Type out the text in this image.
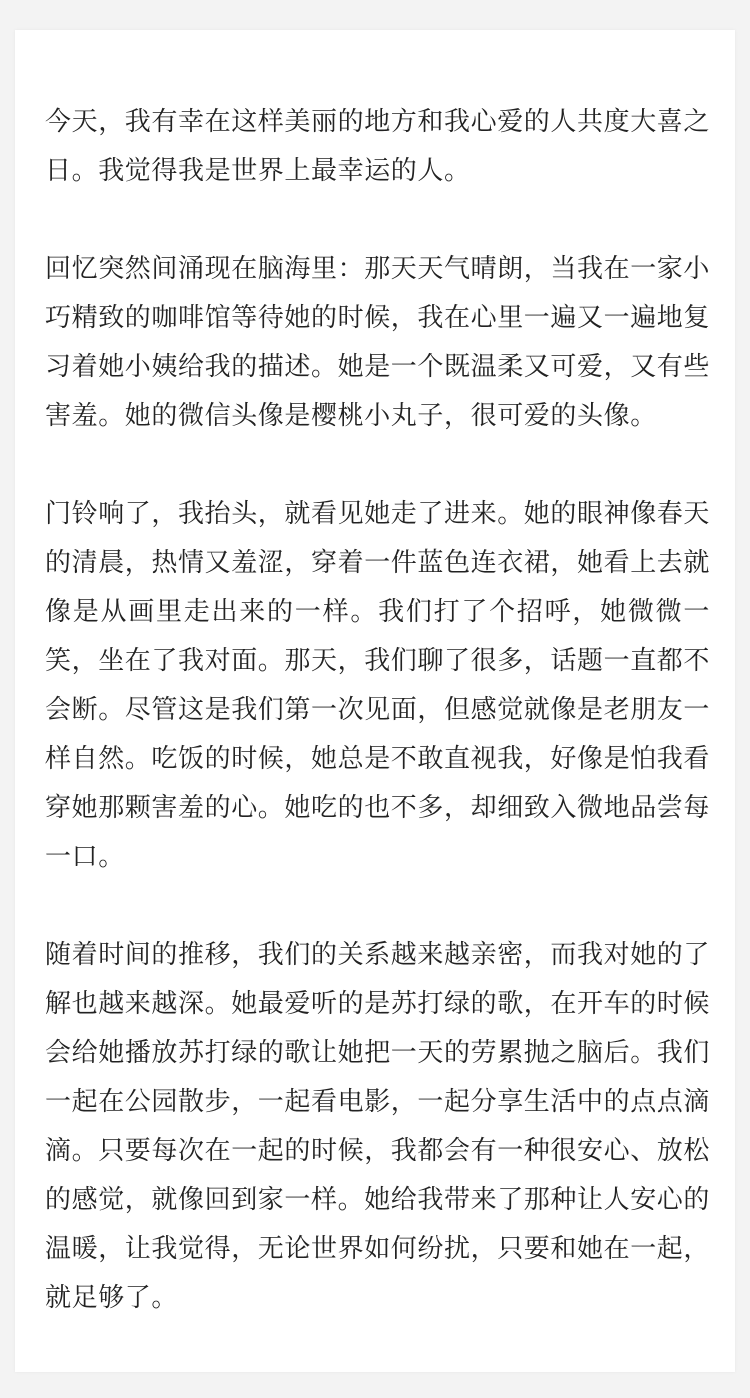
今天，我有幸在这样美丽的地方和我心爱的人共度大喜之日。我觉得我是世界上最幸运的人。

回忆突然间涌现在脑海里：那天天气晴朗，当我在一家小巧精致的咖啡馆等待她的时候，我在心里一遍又一遍地复习着她小姨给我的描述。她是一个既温柔又可爱，又有些害羞。她的微信头像是樱桃小丸子，很可爱的头像。

门铃响了，我抬头，就看见她走了进来。她的眼神像春天的清晨，热情又羞涩，穿着一件蓝色连衣裙，她看上去就像是从画里走出来的一样。我们打了个招呼，她微微一笑，坐在了我对面。那天，我们聊了很多，话题一直都不会断。尽管这是我们第一次见面，但感觉就像是老朋友一样自然。吃饭的时候，她总是不敢直视我，好像是怕我看穿她那颗害羞的心。她吃的也不多，却细致入微地品尝每一口。

随着时间的推移，我们的关系越来越亲密，而我对她的了解也越来越深。她最爱听的是苏打绿的歌，在开车的时候会给她播放苏打绿的歌让她把一天的劳累抛之脑后。我们一起在公园散步，一起看电影，一起分享生活中的点点滴滴。只要每次在一起的时候，我都会有一种很安心、放松的感觉，就像回到家一样。她给我带来了那种让人安心的温暖，让我觉得，无论世界如何纷扰，只要和她在一起，就足够了。
